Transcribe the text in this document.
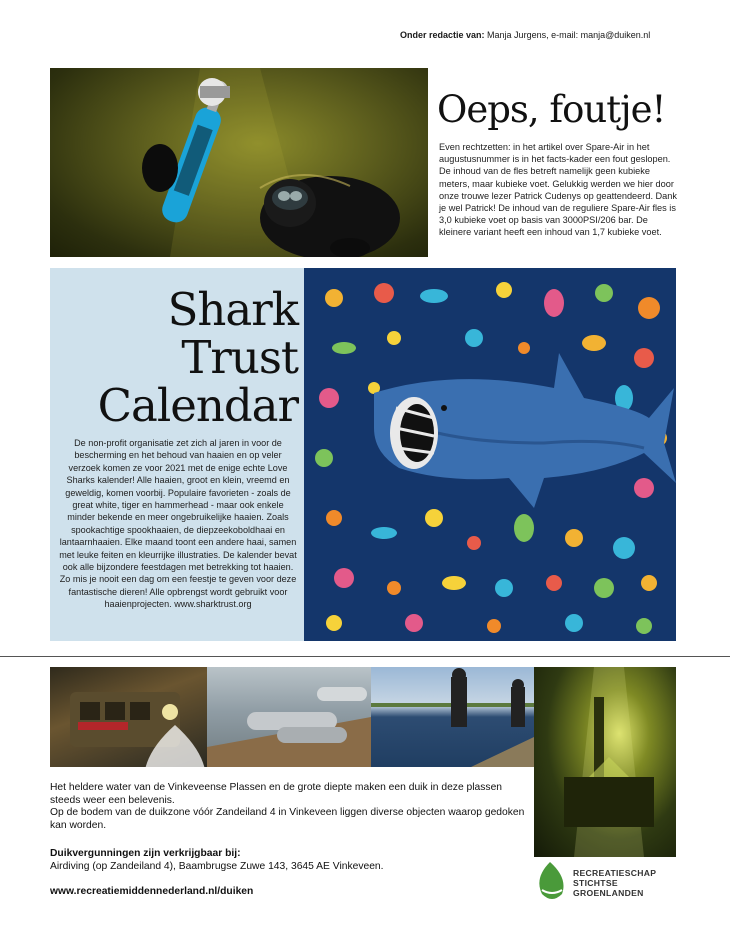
Onder redactie van: Manja Jurgens, e-mail: manja@duiken.nl
Oeps, foutje!
Even rechtzetten: in het artikel over Spare-Air in het augustusnummer is in het facts-kader een fout geslopen. De inhoud van de fles betreft namelijk geen kubieke meters, maar kubieke voet. Gelukkig werden we hier door onze trouwe lezer Patrick Cudenys op geattendeerd. Dank je wel Patrick! De inhoud van de reguliere Spare-Air fles is 3,0 kubieke voet op basis van 3000PSI/206 bar. De kleinere variant heeft een inhoud van 1,7 kubieke voet.
Shark
Trust
Calendar
De non-profit organisatie zet zich al jaren in voor de bescherming en het behoud van haaien en op veler verzoek komen ze voor 2021 met de enige echte Love Sharks kalender! Alle haaien, groot en klein, vreemd en geweldig, komen voorbij. Populaire favorieten - zoals de great white, tiger en hammerhead - maar ook enkele minder bekende en meer ongebruikelijke haaien. Zoals spookachtige spookhaaien, de diepzeekoboldhaai en lantaarnhaaien. Elke maand toont een andere haai, samen met leuke feiten en kleurrijke illustraties. De kalender bevat ook alle bijzondere feestdagen met betrekking tot haaien. Zo mis je nooit een dag om een feestje te geven voor deze fantastische dieren! Alle opbrengst wordt gebruikt voor haaienprojecten. www.sharktrust.org
Het heldere water van de Vinkeveense Plassen en de grote diepte maken een duik in deze plassen steeds weer een belevenis.
Op de bodem van de duikzone vóór Zandeiland 4 in Vinkeveen liggen diverse objecten waarop gedoken kan worden.
Duikvergunningen zijn verkrijgbaar bij:
Airdiving (op Zandeiland 4), Baambrugse Zuwe 143, 3645 AE Vinkeveen.
www.recreatiemiddennederland.nl/duiken
RECREATIESCHAP
STICHTSE
GROENLANDEN
